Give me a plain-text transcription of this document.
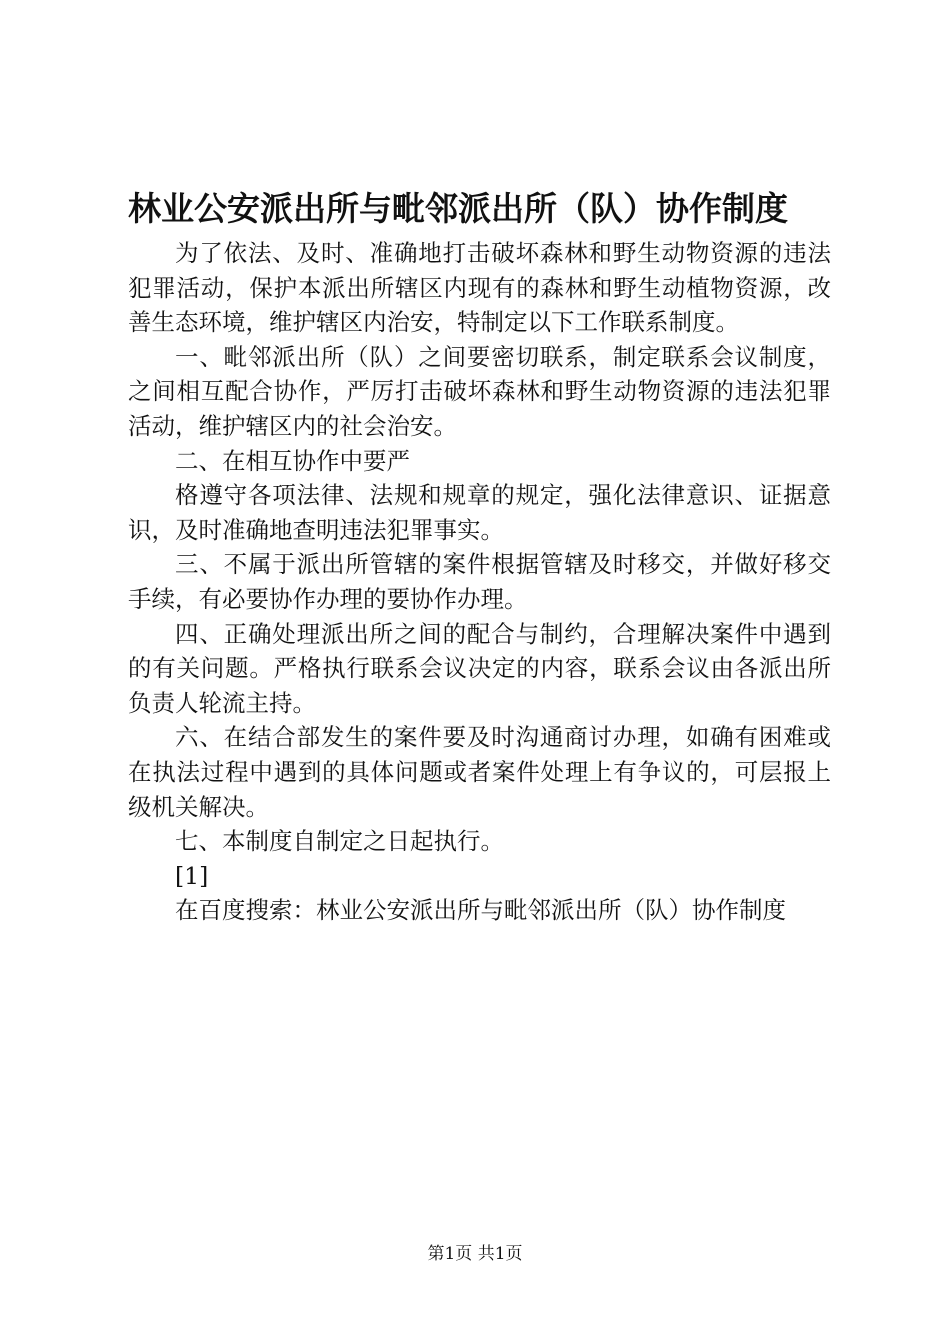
林业公安派出所与毗邻派出所（队）协作制度

为了依法、及时、准确地打击破坏森林和野生动物资源的违法犯罪活动，保护本派出所辖区内现有的森林和野生动植物资源，改善生态环境，维护辖区内治安，特制定以下工作联系制度。

一、毗邻派出所（队）之间要密切联系，制定联系会议制度，之间相互配合协作，严厉打击破坏森林和野生动物资源的违法犯罪活动，维护辖区内的社会治安。

二、在相互协作中要严

格遵守各项法律、法规和规章的规定，强化法律意识、证据意识，及时准确地查明违法犯罪事实。

三、不属于派出所管辖的案件根据管辖及时移交，并做好移交手续，有必要协作办理的要协作办理。

四、正确处理派出所之间的配合与制约，合理解决案件中遇到的有关问题。严格执行联系会议决定的内容，联系会议由各派出所负责人轮流主持。

六、在结合部发生的案件要及时沟通商讨办理，如确有困难或在执法过程中遇到的具体问题或者案件处理上有争议的，可层报上级机关解决。

七、本制度自制定之日起执行。

[1]

在百度搜索：林业公安派出所与毗邻派出所（队）协作制度

第1页 共1页
